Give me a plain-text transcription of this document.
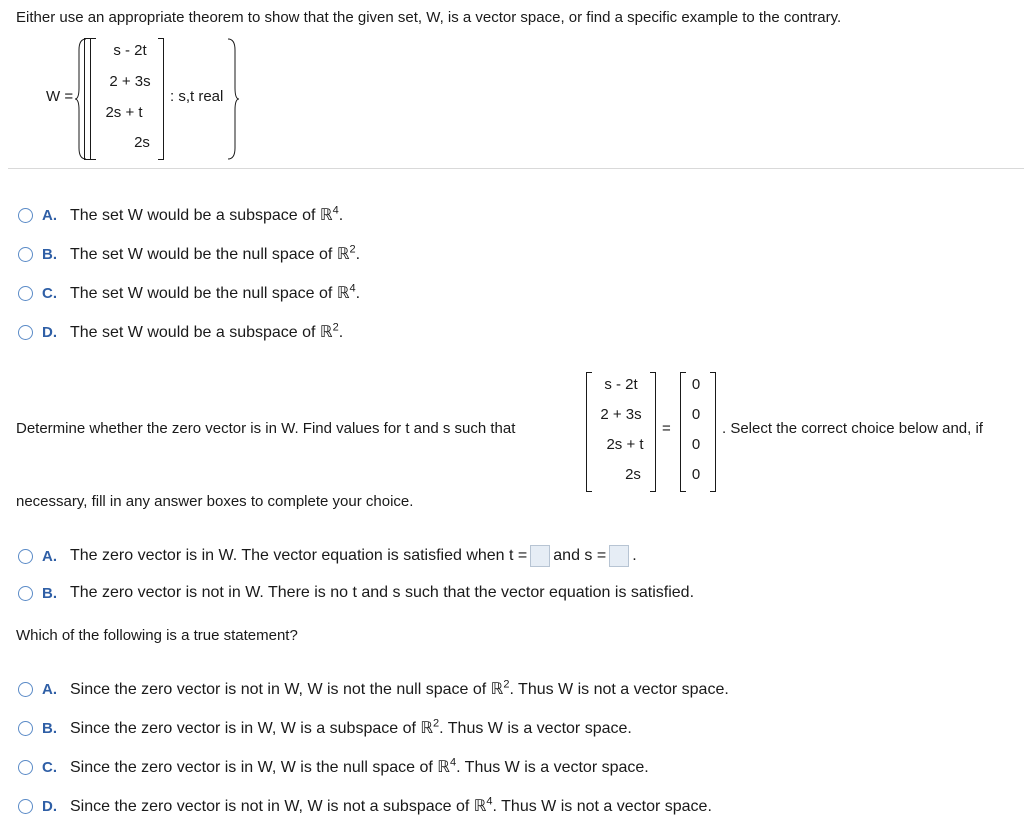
Either use an appropriate theorem to show that the given set, W, is a vector space, or find a specific example to the contrary.
W =
s - 2t
2 + 3s
2s + t
2s
: s,t real
A. The set W would be a subspace of ℝ$^4$.
B. The set W would be the null space of ℝ$^2$.
C. The set W would be the null space of ℝ$^4$.
D. The set W would be a subspace of ℝ$^2$.
Determine whether the zero vector is in W. Find values for t and s such that
s - 2t
2 + 3s
2s + t
2s
=
0
0
0
0
. Select the correct choice below and, if
necessary, fill in any answer boxes to complete your choice.
A. The zero vector is in W. The vector equation is satisfied when t = and s = .
B. The zero vector is not in W. There is no t and s such that the vector equation is satisfied.
Which of the following is a true statement?
A. Since the zero vector is not in W, W is not the null space of ℝ$^2$. Thus W is not a vector space.
B. Since the zero vector is in W, W is a subspace of ℝ$^2$. Thus W is a vector space.
C. Since the zero vector is in W, W is the null space of ℝ$^4$. Thus W is a vector space.
D. Since the zero vector is not in W, W is not a subspace of ℝ$^4$. Thus W is not a vector space.
